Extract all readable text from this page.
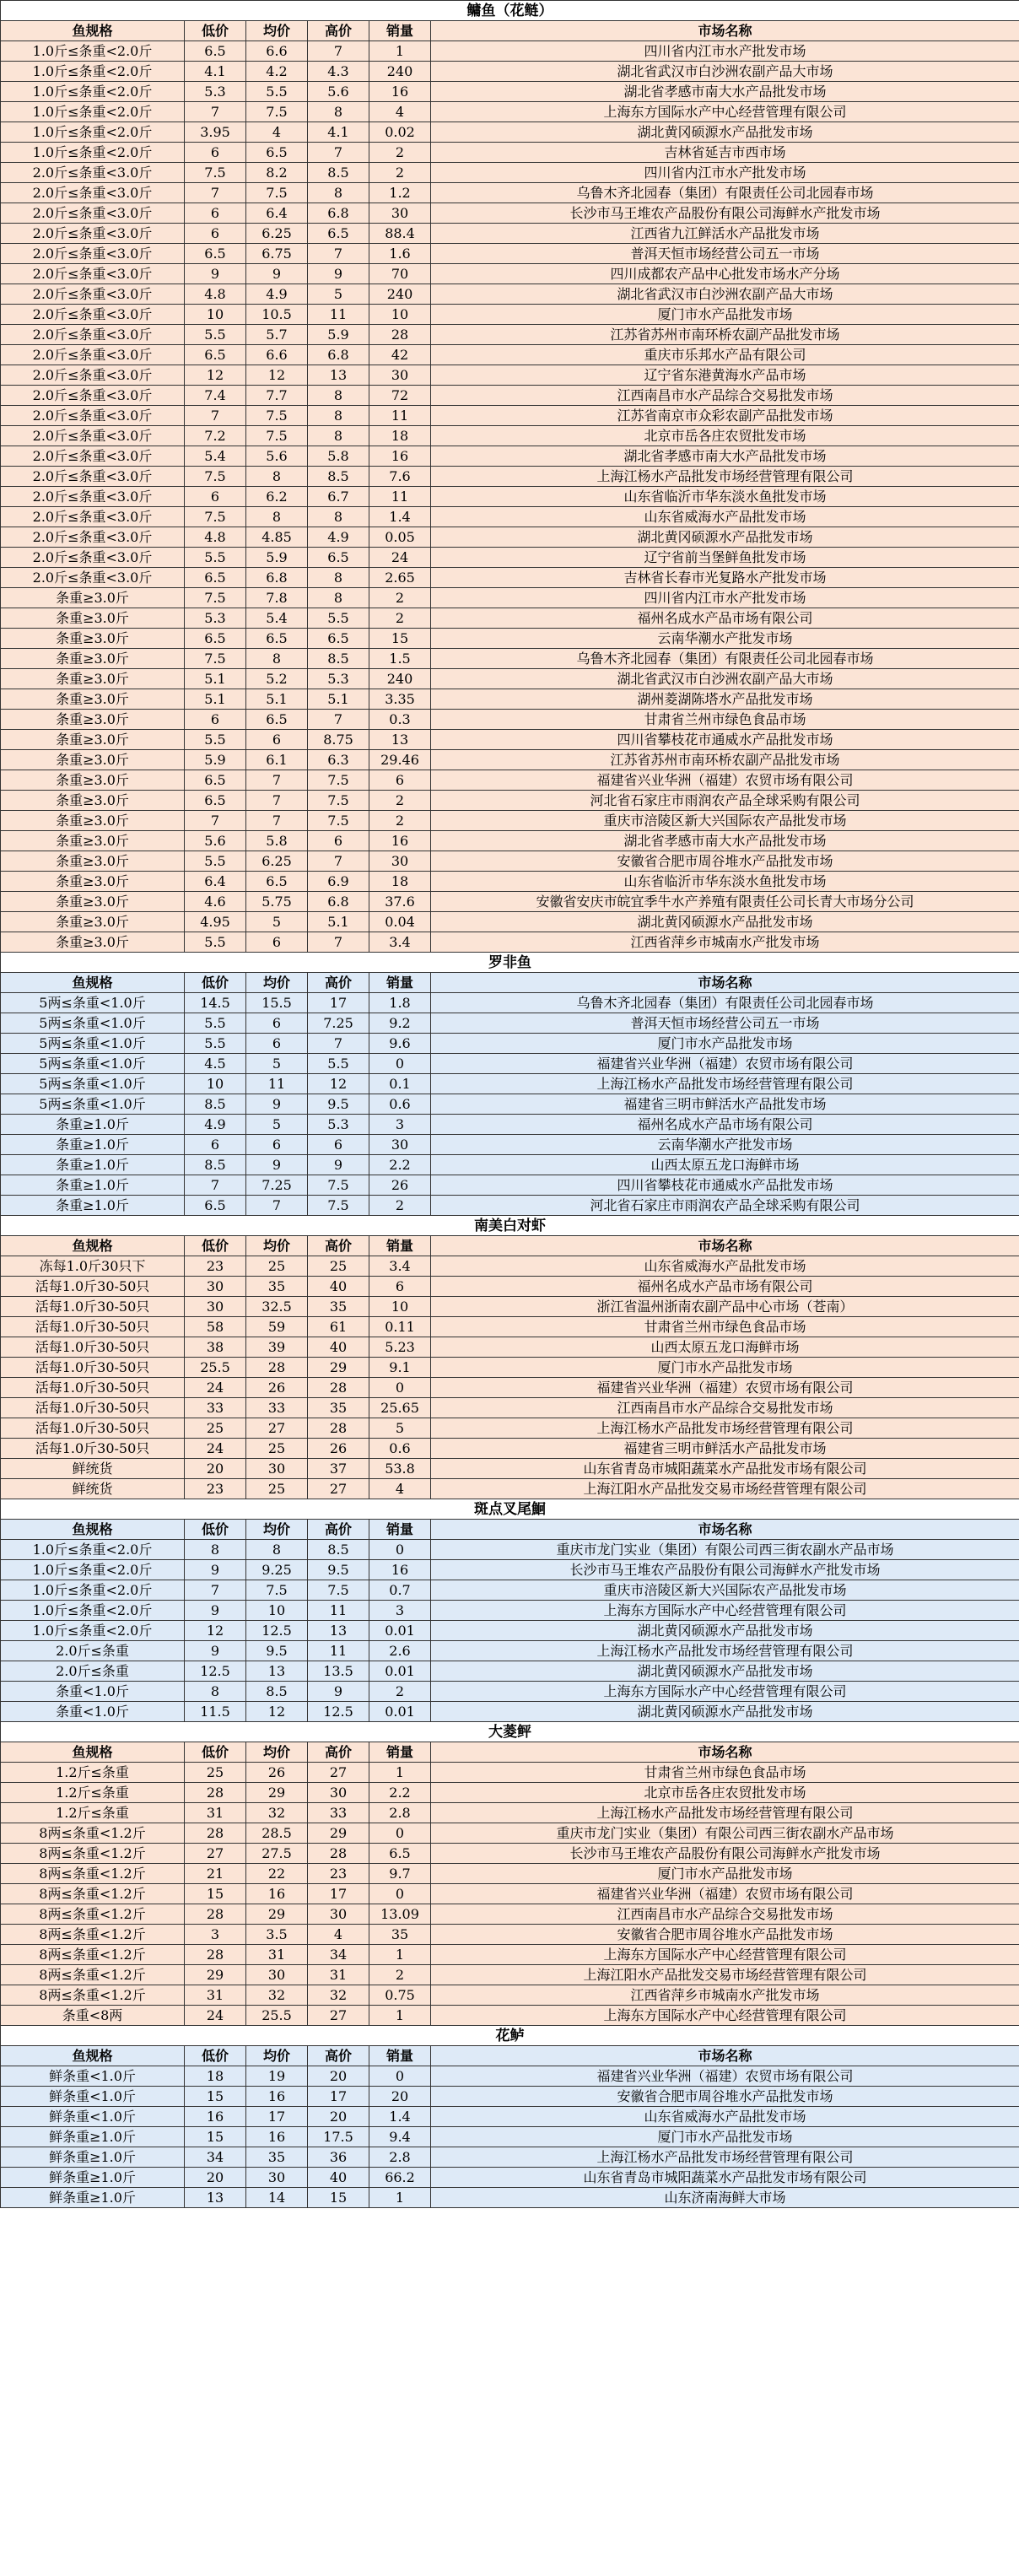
鳙鱼（花鲢）					
鱼规格	低价	均价	高价	销量	市场名称
1.0斤≤条重<2.0斤	6.5	6.6	7	1	四川省内江市水产批发市场
1.0斤≤条重<2.0斤	4.1	4.2	4.3	240	湖北省武汉市白沙洲农副产品大市场
1.0斤≤条重<2.0斤	5.3	5.5	5.6	16	湖北省孝感市南大水产品批发市场
1.0斤≤条重<2.0斤	7	7.5	8	4	上海东方国际水产中心经营管理有限公司
1.0斤≤条重<2.0斤	3.95	4	4.1	0.02	湖北黄冈硕源水产品批发市场
1.0斤≤条重<2.0斤	6	6.5	7	2	吉林省延吉市西市场
2.0斤≤条重<3.0斤	7.5	8.2	8.5	2	四川省内江市水产批发市场
2.0斤≤条重<3.0斤	7	7.5	8	1.2	乌鲁木齐北园春（集团）有限责任公司北园春市场
2.0斤≤条重<3.0斤	6	6.4	6.8	30	长沙市马王堆农产品股份有限公司海鲜水产批发市场
2.0斤≤条重<3.0斤	6	6.25	6.5	88.4	江西省九江鲜活水产品批发市场
2.0斤≤条重<3.0斤	6.5	6.75	7	1.6	普洱天恒市场经营公司五一市场
2.0斤≤条重<3.0斤	9	9	9	70	四川成都农产品中心批发市场水产分场
2.0斤≤条重<3.0斤	4.8	4.9	5	240	湖北省武汉市白沙洲农副产品大市场
2.0斤≤条重<3.0斤	10	10.5	11	10	厦门市水产品批发市场
2.0斤≤条重<3.0斤	5.5	5.7	5.9	28	江苏省苏州市南环桥农副产品批发市场
2.0斤≤条重<3.0斤	6.5	6.6	6.8	42	重庆市乐邦水产品有限公司
2.0斤≤条重<3.0斤	12	12	13	30	辽宁省东港黄海水产品市场
2.0斤≤条重<3.0斤	7.4	7.7	8	72	江西南昌市水产品综合交易批发市场
2.0斤≤条重<3.0斤	7	7.5	8	11	江苏省南京市众彩农副产品批发市场
2.0斤≤条重<3.0斤	7.2	7.5	8	18	北京市岳各庄农贸批发市场
2.0斤≤条重<3.0斤	5.4	5.6	5.8	16	湖北省孝感市南大水产品批发市场
2.0斤≤条重<3.0斤	7.5	8	8.5	7.6	上海江杨水产品批发市场经营管理有限公司
2.0斤≤条重<3.0斤	6	6.2	6.7	11	山东省临沂市华东淡水鱼批发市场
2.0斤≤条重<3.0斤	7.5	8	8	1.4	山东省威海水产品批发市场
2.0斤≤条重<3.0斤	4.8	4.85	4.9	0.05	湖北黄冈硕源水产品批发市场
2.0斤≤条重<3.0斤	5.5	5.9	6.5	24	辽宁省前当堡鲜鱼批发市场
2.0斤≤条重<3.0斤	6.5	6.8	8	2.65	吉林省长春市光复路水产批发市场
条重≥3.0斤	7.5	7.8	8	2	四川省内江市水产批发市场
条重≥3.0斤	5.3	5.4	5.5	2	福州名成水产品市场有限公司
条重≥3.0斤	6.5	6.5	6.5	15	云南华潮水产批发市场
条重≥3.0斤	7.5	8	8.5	1.5	乌鲁木齐北园春（集团）有限责任公司北园春市场
条重≥3.0斤	5.1	5.2	5.3	240	湖北省武汉市白沙洲农副产品大市场
条重≥3.0斤	5.1	5.1	5.1	3.35	湖州菱湖陈塔水产品批发市场
条重≥3.0斤	6	6.5	7	0.3	甘肃省兰州市绿色食品市场
条重≥3.0斤	5.5	6	8.75	13	四川省攀枝花市通威水产品批发市场
条重≥3.0斤	5.9	6.1	6.3	29.46	江苏省苏州市南环桥农副产品批发市场
条重≥3.0斤	6.5	7	7.5	6	福建省兴业华洲（福建）农贸市场有限公司
条重≥3.0斤	6.5	7	7.5	2	河北省石家庄市雨润农产品全球采购有限公司
条重≥3.0斤	7	7	7.5	2	重庆市涪陵区新大兴国际农产品批发市场
条重≥3.0斤	5.6	5.8	6	16	湖北省孝感市南大水产品批发市场
条重≥3.0斤	5.5	6.25	7	30	安徽省合肥市周谷堆水产品批发市场
条重≥3.0斤	6.4	6.5	6.9	18	山东省临沂市华东淡水鱼批发市场
条重≥3.0斤	4.6	5.75	6.8	37.6	安徽省安庆市皖宜季牛水产养殖有限责任公司长青大市场分公司
条重≥3.0斤	4.95	5	5.1	0.04	湖北黄冈硕源水产品批发市场
条重≥3.0斤	5.5	6	7	3.4	江西省萍乡市城南水产批发市场
罗非鱼					
鱼规格	低价	均价	高价	销量	市场名称
5两≤条重<1.0斤	14.5	15.5	17	1.8	乌鲁木齐北园春（集团）有限责任公司北园春市场
5两≤条重<1.0斤	5.5	6	7.25	9.2	普洱天恒市场经营公司五一市场
5两≤条重<1.0斤	5.5	6	7	9.6	厦门市水产品批发市场
5两≤条重<1.0斤	4.5	5	5.5	0	福建省兴业华洲（福建）农贸市场有限公司
5两≤条重<1.0斤	10	11	12	0.1	上海江杨水产品批发市场经营管理有限公司
5两≤条重<1.0斤	8.5	9	9.5	0.6	福建省三明市鲜活水产品批发市场
条重≥1.0斤	4.9	5	5.3	3	福州名成水产品市场有限公司
条重≥1.0斤	6	6	6	30	云南华潮水产批发市场
条重≥1.0斤	8.5	9	9	2.2	山西太原五龙口海鲜市场
条重≥1.0斤	7	7.25	7.5	26	四川省攀枝花市通威水产品批发市场
条重≥1.0斤	6.5	7	7.5	2	河北省石家庄市雨润农产品全球采购有限公司
南美白对虾					
鱼规格	低价	均价	高价	销量	市场名称
冻每1.0斤30只下	23	25	25	3.4	山东省威海水产品批发市场
活每1.0斤30-50只	30	35	40	6	福州名成水产品市场有限公司
活每1.0斤30-50只	30	32.5	35	10	浙江省温州浙南农副产品中心市场（苍南）
活每1.0斤30-50只	58	59	61	0.11	甘肃省兰州市绿色食品市场
活每1.0斤30-50只	38	39	40	5.23	山西太原五龙口海鲜市场
活每1.0斤30-50只	25.5	28	29	9.1	厦门市水产品批发市场
活每1.0斤30-50只	24	26	28	0	福建省兴业华洲（福建）农贸市场有限公司
活每1.0斤30-50只	33	33	35	25.65	江西南昌市水产品综合交易批发市场
活每1.0斤30-50只	25	27	28	5	上海江杨水产品批发市场经营管理有限公司
活每1.0斤30-50只	24	25	26	0.6	福建省三明市鲜活水产品批发市场
鲜统货	20	30	37	53.8	山东省青岛市城阳蔬菜水产品批发市场有限公司
鲜统货	23	25	27	4	上海江阳水产品批发交易市场经营管理有限公司
斑点叉尾鮰					
鱼规格	低价	均价	高价	销量	市场名称
1.0斤≤条重<2.0斤	8	8	8.5	0	重庆市龙门实业（集团）有限公司西三街农副水产品市场
1.0斤≤条重<2.0斤	9	9.25	9.5	16	长沙市马王堆农产品股份有限公司海鲜水产批发市场
1.0斤≤条重<2.0斤	7	7.5	7.5	0.7	重庆市涪陵区新大兴国际农产品批发市场
1.0斤≤条重<2.0斤	9	10	11	3	上海东方国际水产中心经营管理有限公司
1.0斤≤条重<2.0斤	12	12.5	13	0.01	湖北黄冈硕源水产品批发市场
2.0斤≤条重	9	9.5	11	2.6	上海江杨水产品批发市场经营管理有限公司
2.0斤≤条重	12.5	13	13.5	0.01	湖北黄冈硕源水产品批发市场
条重<1.0斤	8	8.5	9	2	上海东方国际水产中心经营管理有限公司
条重<1.0斤	11.5	12	12.5	0.01	湖北黄冈硕源水产品批发市场
大菱鲆					
鱼规格	低价	均价	高价	销量	市场名称
1.2斤≤条重	25	26	27	1	甘肃省兰州市绿色食品市场
1.2斤≤条重	28	29	30	2.2	北京市岳各庄农贸批发市场
1.2斤≤条重	31	32	33	2.8	上海江杨水产品批发市场经营管理有限公司
8两≤条重<1.2斤	28	28.5	29	0	重庆市龙门实业（集团）有限公司西三街农副水产品市场
8两≤条重<1.2斤	27	27.5	28	6.5	长沙市马王堆农产品股份有限公司海鲜水产批发市场
8两≤条重<1.2斤	21	22	23	9.7	厦门市水产品批发市场
8两≤条重<1.2斤	15	16	17	0	福建省兴业华洲（福建）农贸市场有限公司
8两≤条重<1.2斤	28	29	30	13.09	江西南昌市水产品综合交易批发市场
8两≤条重<1.2斤	3	3.5	4	35	安徽省合肥市周谷堆水产品批发市场
8两≤条重<1.2斤	28	31	34	1	上海东方国际水产中心经营管理有限公司
8两≤条重<1.2斤	29	30	31	2	上海江阳水产品批发交易市场经营管理有限公司
8两≤条重<1.2斤	31	32	32	0.75	江西省萍乡市城南水产批发市场
条重<8两	24	25.5	27	1	上海东方国际水产中心经营管理有限公司
花鲈					
鱼规格	低价	均价	高价	销量	市场名称
鲜条重<1.0斤	18	19	20	0	福建省兴业华洲（福建）农贸市场有限公司
鲜条重<1.0斤	15	16	17	20	安徽省合肥市周谷堆水产品批发市场
鲜条重<1.0斤	16	17	20	1.4	山东省威海水产品批发市场
鲜条重≥1.0斤	15	16	17.5	9.4	厦门市水产品批发市场
鲜条重≥1.0斤	34	35	36	2.8	上海江杨水产品批发市场经营管理有限公司
鲜条重≥1.0斤	20	30	40	66.2	山东省青岛市城阳蔬菜水产品批发市场有限公司
鲜条重≥1.0斤	13	14	15	1	山东济南海鲜大市场
